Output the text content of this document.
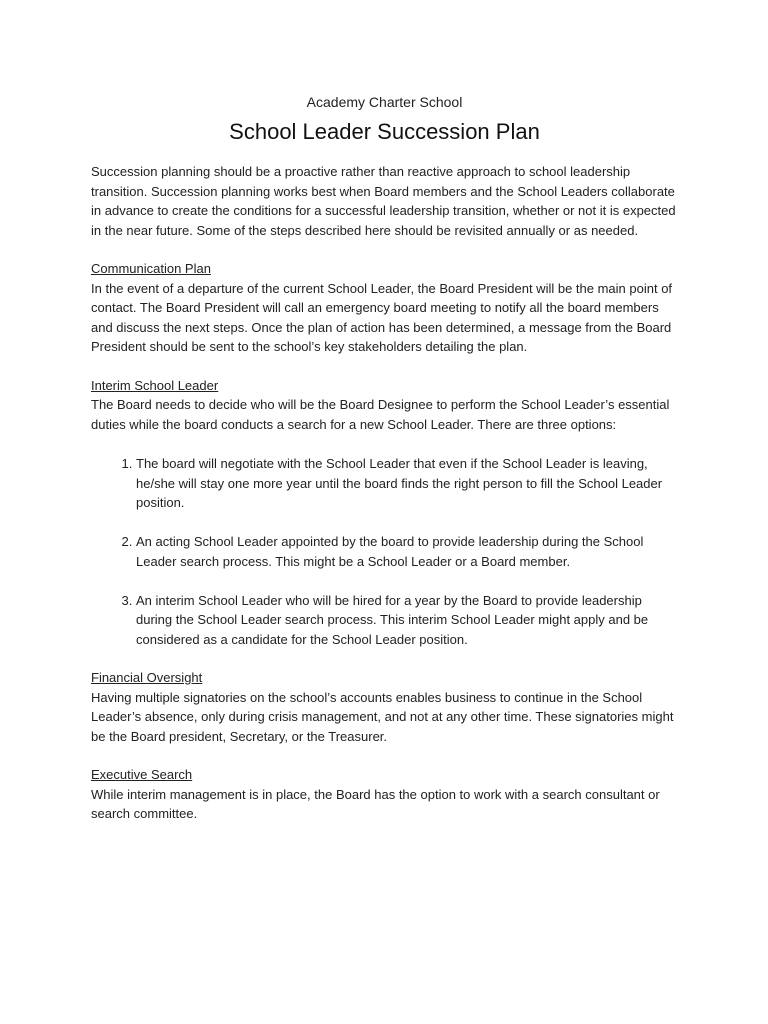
Academy Charter School
School Leader Succession Plan

Succession planning should be a proactive rather than reactive approach to school leadership transition. Succession planning works best when Board members and the School Leaders collaborate in advance to create the conditions for a successful leadership transition, whether or not it is expected in the near future. Some of the steps described here should be revisited annually or as needed.

Communication Plan

In the event of a departure of the current School Leader, the Board President will be the main point of contact. The Board President will call an emergency board meeting to notify all the board members and discuss the next steps. Once the plan of action has been determined, a message from the Board President should be sent to the school’s key stakeholders detailing the plan.

Interim School Leader

The Board needs to decide who will be the Board Designee to perform the School Leader’s essential duties while the board conducts a search for a new School Leader. There are three options:

1. The board will negotiate with the School Leader that even if the School Leader is leaving, he/she will stay one more year until the board finds the right person to fill the School Leader position.
2. An acting School Leader appointed by the board to provide leadership during the School Leader search process. This might be a School Leader or a Board member.
3. An interim School Leader who will be hired for a year by the Board to provide leadership during the School Leader search process. This interim School Leader might apply and be considered as a candidate for the School Leader position.
Financial Oversight

Having multiple signatories on the school’s accounts enables business to continue in the School Leader’s absence, only during crisis management, and not at any other time. These signatories might be the Board president, Secretary, or the Treasurer.

Executive Search

While interim management is in place, the Board has the option to work with a search consultant or search committee.
